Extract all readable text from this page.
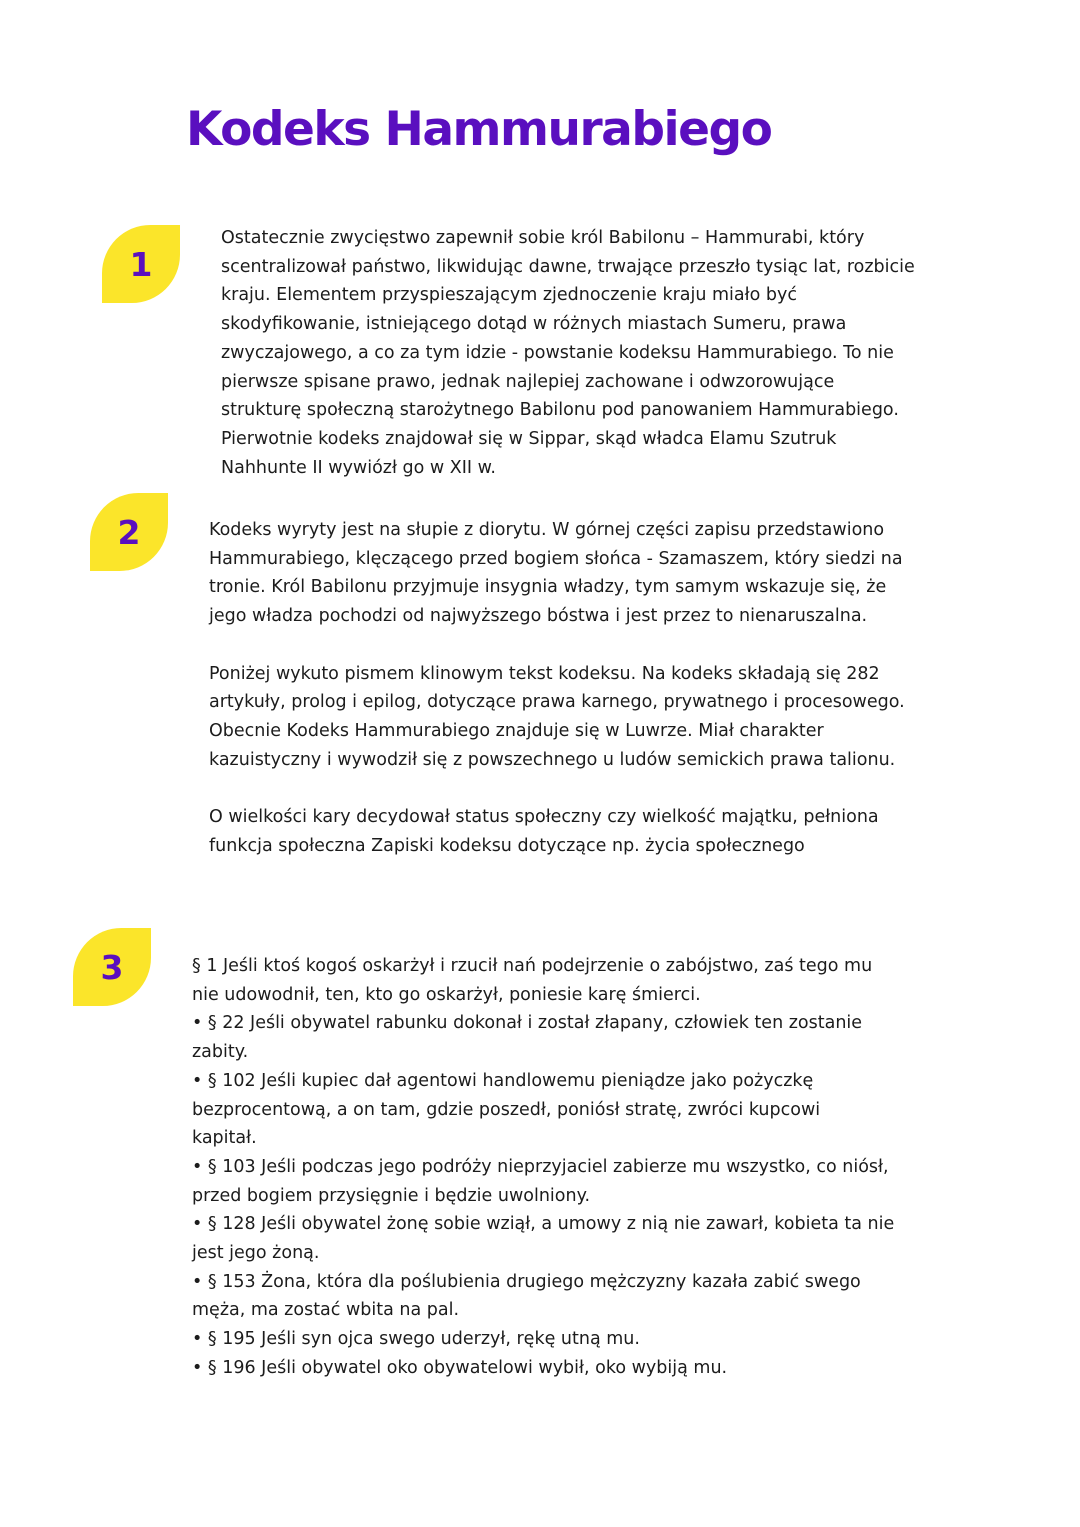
Kodeks Hammurabiego
1
Ostatecznie zwycięstwo zapewnił sobie król Babilonu – Hammurabi, który
scentralizował państwo, likwidując dawne, trwające przeszło tysiąc lat, rozbicie
kraju. Elementem przyspieszającym zjednoczenie kraju miało być
skodyfikowanie, istniejącego dotąd w różnych miastach Sumeru, prawa
zwyczajowego, a co za tym idzie - powstanie kodeksu Hammurabiego. To nie
pierwsze spisane prawo, jednak najlepiej zachowane i odwzorowujące
strukturę społeczną starożytnego Babilonu pod panowaniem Hammurabiego.
Pierwotnie kodeks znajdował się w Sippar, skąd władca Elamu Szutruk
Nahhunte II wywiózł go w XII w.
2	Kodeks wyryty jest na słupie z diorytu. W górnej części zapisu przedstawiono
Hammurabiego, klęczącego przed bogiem słońca - Szamaszem, który siedzi na
tronie. Król Babilonu przyjmuje insygnia władzy, tym samym wskazuje się, że
jego władza pochodzi od najwyższego bóstwa i jest przez to nienaruszalna.

Poniżej wykuto pismem klinowym tekst kodeksu. Na kodeks składają się 282
artykuły, prolog i epilog, dotyczące prawa karnego, prywatnego i procesowego.
Obecnie Kodeks Hammurabiego znajduje się w Luwrze. Miał charakter
kazuistyczny i wywodził się z powszechnego u ludów semickich prawa talionu.

O wielkości kary decydował status społeczny czy wielkość majątku, pełniona
funkcja społeczna Zapiski kodeksu dotyczące np. życia społecznego

3	§ 1 Jeśli ktoś kogoś oskarżył i rzucił nań podejrzenie o zabójstwo, zaś tego mu
nie udowodnił, ten, kto go oskarżył, poniesie karę śmierci.
• § 22 Jeśli obywatel rabunku dokonał i został złapany, człowiek ten zostanie
zabity.
• § 102 Jeśli kupiec dał agentowi handlowemu pieniądze jako pożyczkę
bezprocentową, a on tam, gdzie poszedł, poniósł stratę, zwróci kupcowi
kapitał.
• § 103 Jeśli podczas jego podróży nieprzyjaciel zabierze mu wszystko, co niósł,
przed bogiem przysięgnie i będzie uwolniony.
• § 128 Jeśli obywatel żonę sobie wziął, a umowy z nią nie zawarł, kobieta ta nie
jest jego żoną.
• § 153 Żona, która dla poślubienia drugiego mężczyzny kazała zabić swego
męża, ma zostać wbita na pal.
• § 195 Jeśli syn ojca swego uderzył, rękę utną mu.
• § 196 Jeśli obywatel oko obywatelowi wybił, oko wybiją mu.
